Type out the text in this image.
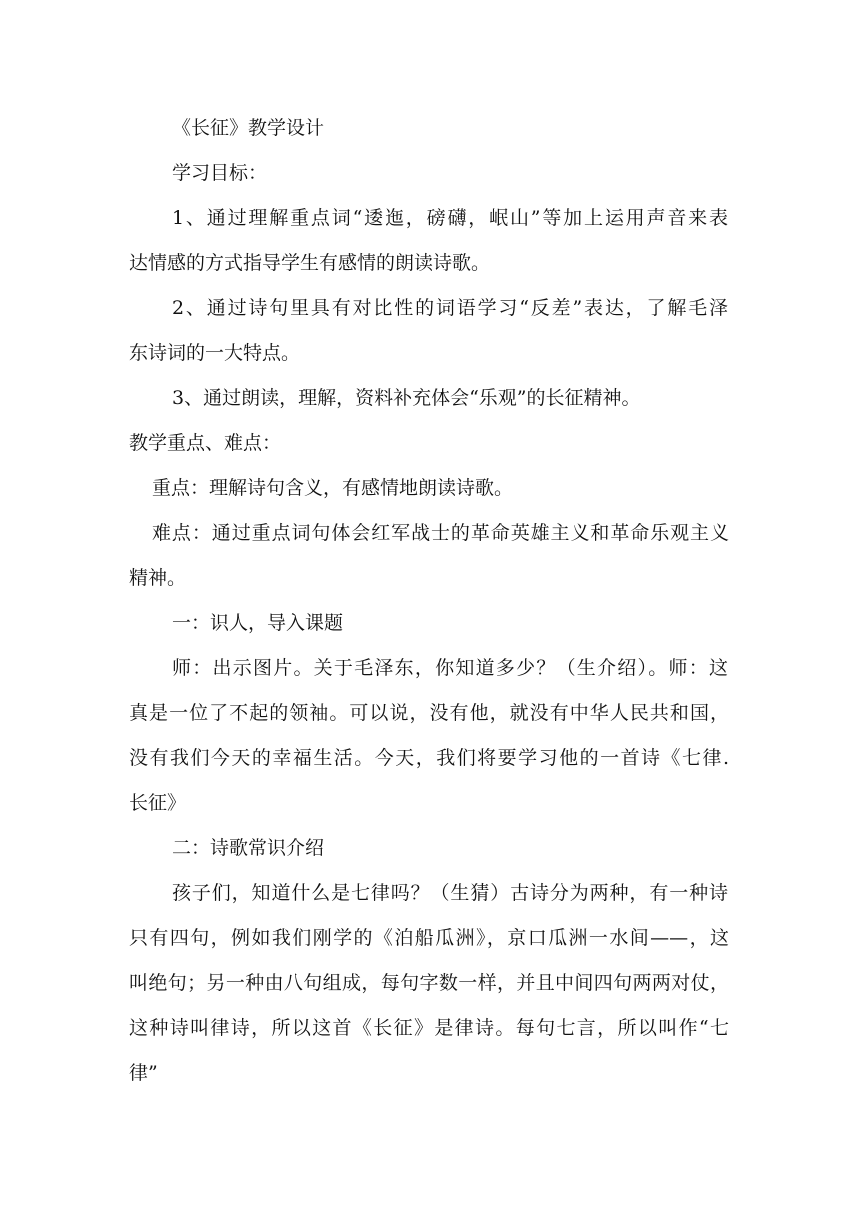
《长征》教学设计
学习目标：
1、通过理解重点词“逶迤，磅礴，岷山”等加上运用声音来表
达情感的方式指导学生有感情的朗读诗歌。
2、通过诗句里具有对比性的词语学习“反差”表达，了解毛泽
东诗词的一大特点。
3、通过朗读，理解，资料补充体会“乐观”的长征精神。
教学重点、难点：
重点：理解诗句含义，有感情地朗读诗歌。
难点：通过重点词句体会红军战士的革命英雄主义和革命乐观主义
精神。
一：识人，导入课题
师：出示图片。关于毛泽东，你知道多少？（生介绍）。师：这
真是一位了不起的领袖。可以说，没有他，就没有中华人民共和国，
没有我们今天的幸福生活。今天，我们将要学习他的一首诗《七律.
长征》
二：诗歌常识介绍
孩子们，知道什么是七律吗？（生猜）古诗分为两种，有一种诗
只有四句，例如我们刚学的《泊船瓜洲》，京口瓜洲一水间——，这
叫绝句；另一种由八句组成，每句字数一样，并且中间四句两两对仗，
这种诗叫律诗，所以这首《长征》是律诗。每句七言，所以叫作“七
律”
